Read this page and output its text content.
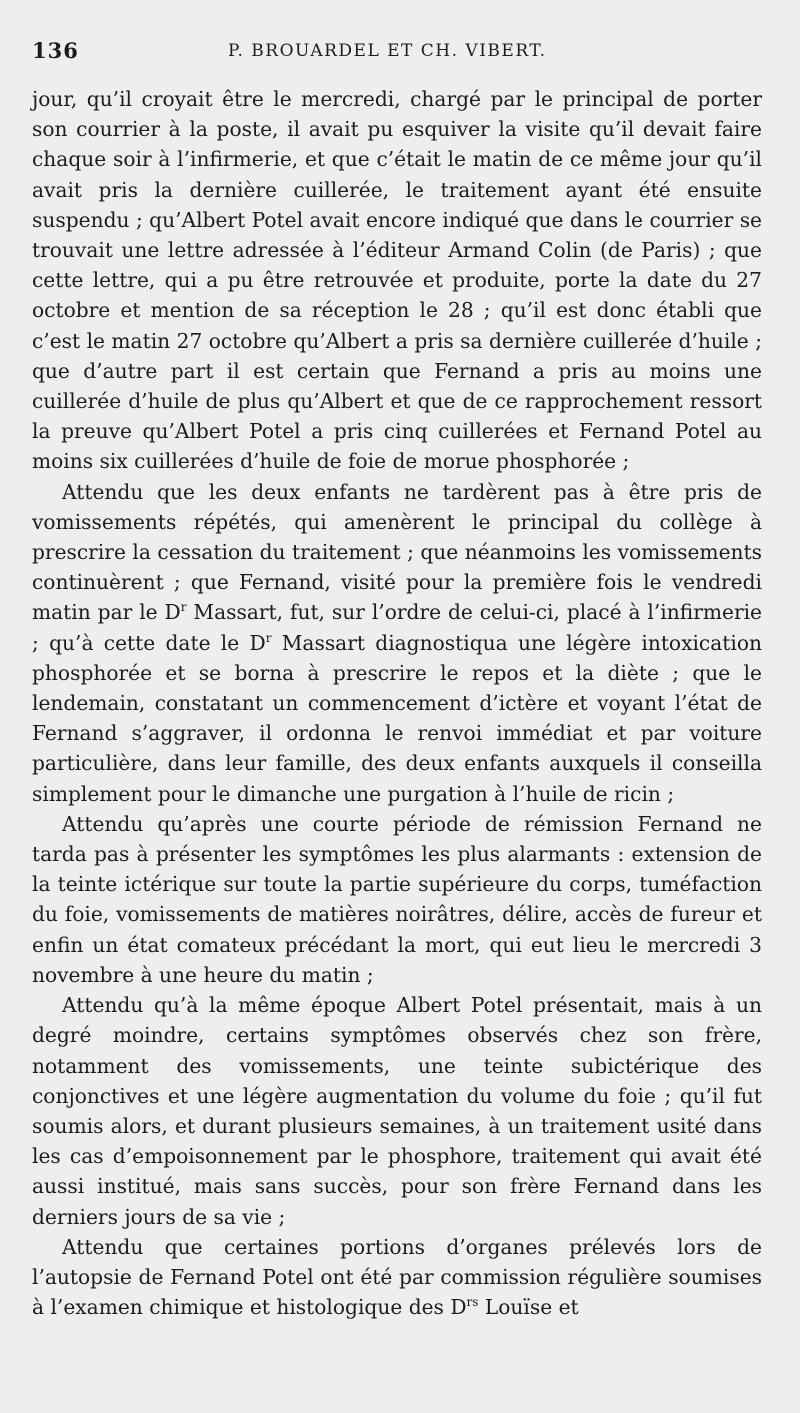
136	P. BROUARDEL ET CH. VIBERT.

jour, qu’il croyait être le mercredi, chargé par le principal de porter son courrier à la poste, il avait pu esquiver la visite qu’il devait faire chaque soir à l’infirmerie, et que c’était le matin de ce même jour qu’il avait pris la dernière cuillerée, le traitement ayant été ensuite suspendu ; qu’Albert Potel avait encore indiqué que dans le courrier se trouvait une lettre adressée à l’éditeur Armand Colin (de Paris) ; que cette lettre, qui a pu être retrouvée et produite, porte la date du 27 octobre et mention de sa réception le 28 ; qu’il est donc établi que c’est le matin 27 octobre qu’Albert a pris sa dernière cuillerée d’huile ; que d’autre part il est certain que Fernand a pris au moins une cuillerée d’huile de plus qu’Albert et que de ce rapprochement ressort la preuve qu’Albert Potel a pris cinq cuillerées et Fernand Potel au moins six cuillerées d’huile de foie de morue phosphorée ;

Attendu que les deux enfants ne tardèrent pas à être pris de vomissements répétés, qui amenèrent le principal du collège à prescrire la cessation du traitement ; que néanmoins les vomissements continuèrent ; que Fernand, visité pour la première fois le vendredi matin par le $D^r$ Massart, fut, sur l’ordre de celui-ci, placé à l’infirmerie ; qu’à cette date le $D^r$ Massart diagnostiqua une légère intoxication phosphorée et se borna à prescrire le repos et la diète ; que le lendemain, constatant un commencement d’ictère et voyant l’état de Fernand s’aggraver, il ordonna le renvoi immédiat et par voiture particulière, dans leur famille, des deux enfants auxquels il conseilla simplement pour le dimanche une purgation à l’huile de ricin ;

Attendu qu’après une courte période de rémission Fernand ne tarda pas à présenter les symptômes les plus alarmants : extension de la teinte ictérique sur toute la partie supérieure du corps, tuméfaction du foie, vomissements de matières noirâtres, délire, accès de fureur et enfin un état comateux précédant la mort, qui eut lieu le mercredi 3 novembre à une heure du matin ;

Attendu qu’à la même époque Albert Potel présentait, mais à un degré moindre, certains symptômes observés chez son frère, notamment des vomissements, une teinte subictérique des conjonctives et une légère augmentation du volume du foie ; qu’il fut soumis alors, et durant plusieurs semaines, à un traitement usité dans les cas d’empoisonnement par le phosphore, traitement qui avait été aussi institué, mais sans succès, pour son frère Fernand dans les derniers jours de sa vie ;

Attendu que certaines portions d’organes prélevés lors de l’autopsie de Fernand Potel ont été par commission régulière soumises à l’examen chimique et histologique des $D^{rs}$ Louïse et
